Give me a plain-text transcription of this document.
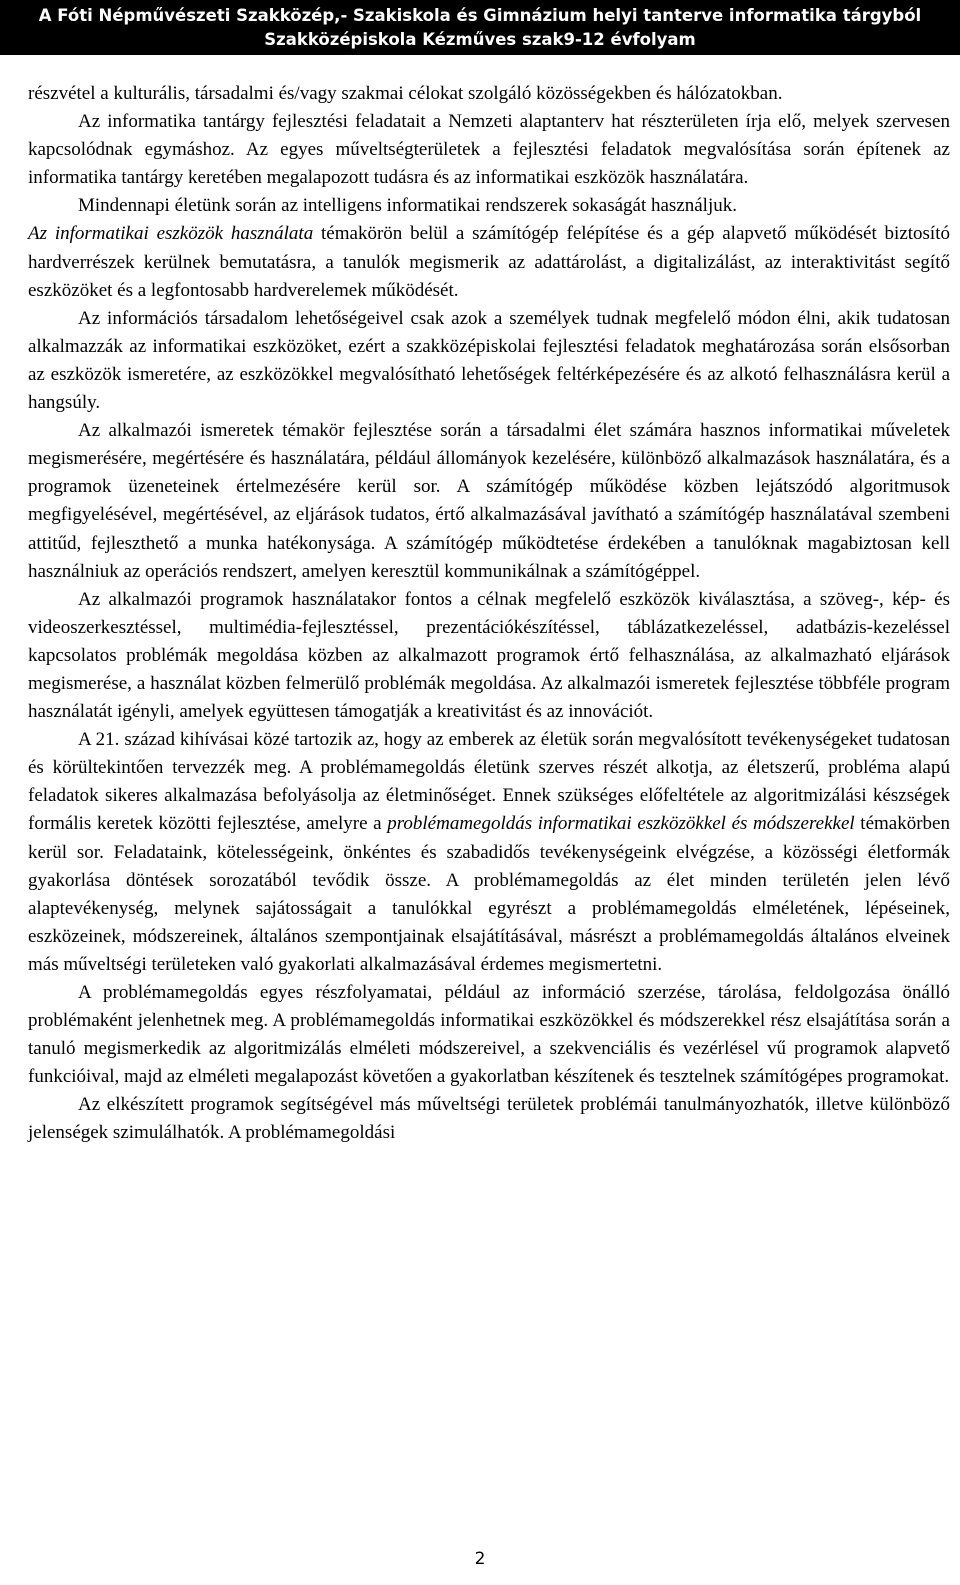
A Fóti Népművészeti Szakközép,- Szakiskola és Gimnázium helyi tanterve informatika tárgyból
Szakközépiskola Kézműves szak9-12 évfolyam

részvétel a kulturális, társadalmi és/vagy szakmai célokat szolgáló közösségekben és hálózatokban.

Az informatika tantárgy fejlesztési feladatait a Nemzeti alaptanterv hat részterületen írja elő, melyek szervesen kapcsolódnak egymáshoz. Az egyes műveltségterületek a fejlesztési feladatok megvalósítása során építenek az informatika tantárgy keretében megalapozott tudásra és az informatikai eszközök használatára.

Mindennapi életünk során az intelligens informatikai rendszerek sokaságát használjuk.

Az informatikai eszközök használata témakörön belül a számítógép felépítése és a gép alapvető működését biztosító hardverrészek kerülnek bemutatásra, a tanulók megismerik az adattárolást, a digitalizálást, az interaktivitást segítő eszközöket és a legfontosabb hardverelemek működését.

Az információs társadalom lehetőségeivel csak azok a személyek tudnak megfelelő módon élni, akik tudatosan alkalmazzák az informatikai eszközöket, ezért a szakközépiskolai fejlesztési feladatok meghatározása során elsősorban az eszközök ismeretére, az eszközökkel megvalósítható lehetőségek feltérképezésére és az alkotó felhasználásra kerül a hangsúly.

Az alkalmazói ismeretek témakör fejlesztése során a társadalmi élet számára hasznos informatikai műveletek megismerésére, megértésére és használatára, például állományok kezelésére, különböző alkalmazások használatára, és a programok üzeneteinek értelmezésére kerül sor. A számítógép működése közben lejátszódó algoritmusok megfigyelésével, megértésével, az eljárások tudatos, értő alkalmazásával javítható a számítógép használatával szembeni attitűd, fejleszthető a munka hatékonysága. A számítógép működtetése érdekében a tanulóknak magabiztosan kell használniuk az operációs rendszert, amelyen keresztül kommunikálnak a számítógéppel.

Az alkalmazói programok használatakor fontos a célnak megfelelő eszközök kiválasztása, a szöveg-, kép- és videoszerkesztéssel, multimédia-fejlesztéssel, prezentációkészítéssel, táblázatkezeléssel, adatbázis-kezeléssel kapcsolatos problémák megoldása közben az alkalmazott programok értő felhasználása, az alkalmazható eljárások megismerése, a használat közben felmerülő problémák megoldása. Az alkalmazói ismeretek fejlesztése többféle program használatát igényli, amelyek együttesen támogatják a kreativitást és az innovációt.

A 21. század kihívásai közé tartozik az, hogy az emberek az életük során megvalósított tevékenységeket tudatosan és körültekintően tervezzék meg. A problémamegoldás életünk szerves részét alkotja, az életszerű, probléma alapú feladatok sikeres alkalmazása befolyásolja az életminőséget. Ennek szükséges előfeltétele az algoritmizálási készségek formális keretek közötti fejlesztése, amelyre a problémamegoldás informatikai eszközökkel és módszerekkel témakörben kerül sor. Feladataink, kötelességeink, önkéntes és szabadidős tevékenységeink elvégzése, a közösségi életformák gyakorlása döntések sorozatából tevődik össze. A problémamegoldás az élet minden területén jelen lévő alaptevékenység, melynek sajátosságait a tanulókkal egyrészt a problémamegoldás elméletének, lépéseinek, eszközeinek, módszereinek, általános szempontjainak elsajátításával, másrészt a problémamegoldás általános elveinek más műveltségi területeken való gyakorlati alkalmazásával érdemes megismertetni.

A problémamegoldás egyes részfolyamatai, például az információ szerzése, tárolása, feldolgozása önálló problémaként jelenhetnek meg. A problémamegoldás informatikai eszközökkel és módszerekkel rész elsajátítása során a tanuló megismerkedik az algoritmizálás elméleti módszereivel, a szekvenciális és vezérlésel vű programok alapvető funkcióival, majd az elméleti megalapozást követően a gyakorlatban készítenek és tesztelnek számítógépes programokat.

Az elkészített programok segítségével más műveltségi területek problémái tanulmányozhatók, illetve különböző jelenségek szimulálhatók. A problémamegoldási

2
